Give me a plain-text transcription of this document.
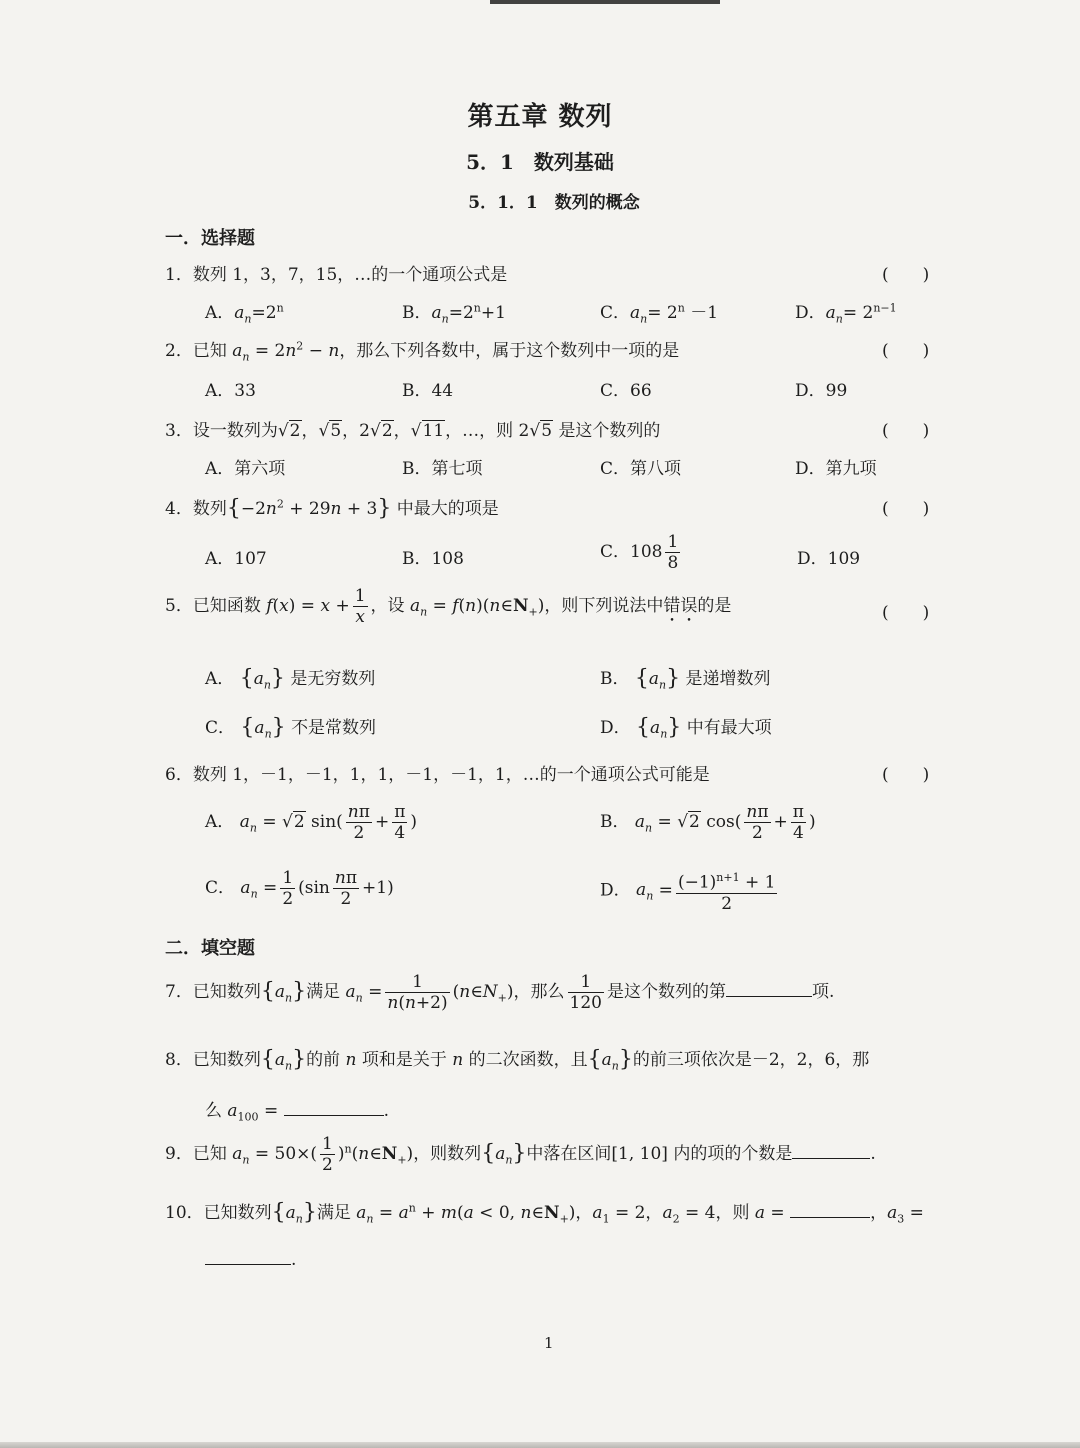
第五章 数列
5．1　数列基础
5．1．1　数列的概念
一．选择题
1．数列 1，3，7，15，…的一个通项公式是	(　　)
A．$a_n=2^n$	B．$a_n=2^n+1$	C．$a_n= 2^n -1$	D．$a_n= 2^{n-1}$
2．已知 $a_n = 2n^2 - n$，那么下列各数中，属于这个数列中一项的是	(　　)
A．33	B．44	C．66	D．99
3．设一数列为√2，√5，2√2，√11，…，则 2√5 是这个数列的	(　　)
A．第六项	B．第七项	C．第八项	D．第九项
4．数列$\{-2n^2 + 29n + 3\}$ 中最大的项是	(　　)
A．107	B．108	C．$108 \frac{1}{8}$	D．109
5．已知函数 $f(x) = x + \frac{1}{x}$ ，设 $a_n$ = $f(n)(n\in N_+)$，则下列说法中错误的是	(　　)
A． $\{a_n\}$ 是无穷数列	B． $\{a_n\}$ 是递增数列
C． $\{a_n\}$ 不是常数列	D． $\{a_n\}$ 中有最大项
6．数列 1，－1，－1，1，1，－1，－1，1，…的一个通项公式可能是	(　　)
A． $a_n = √2$ $\sin( \frac{n\pi}{2} + \frac{\pi}{4}$ )	B． $a_n = √2$ $\cos( \frac{n\pi}{2} + \frac{\pi}{4}$ )
C． $a_n = \frac{1}{2} (\sin \frac{n\pi}{2} +1)$	D． $a_n = \frac{(-1)^{n+1} + 1}{2}$
二．填空题
7．已知数列$\{a_n\}$满足 $a_n = \frac{1}{n(n+2)}$ $(n\in N_+)$，那么 $\frac{1}{120}$ 是这个数列的第	项.
8．已知数列$\{a_n\}$的前 n 项和是关于 n 的二次函数，且$\{a_n\}$的前三项依次是－2，2，6，那
么 $a_{100}$ =	.
9．已知 $a_n = 50\times( \frac{1}{2}$ )$^n(n\in N_+)$，则数列$\{a_n\}$中落在区间[1, 10] 内的项的个数是	.
10．已知数列$\{a_n\}$满足 $a_n = a^n + m(a < 0$, $n\in N_+$)，$a_1 = 2$，$a_2 = 4$，则 a =	，$a_3$ =
.
1
